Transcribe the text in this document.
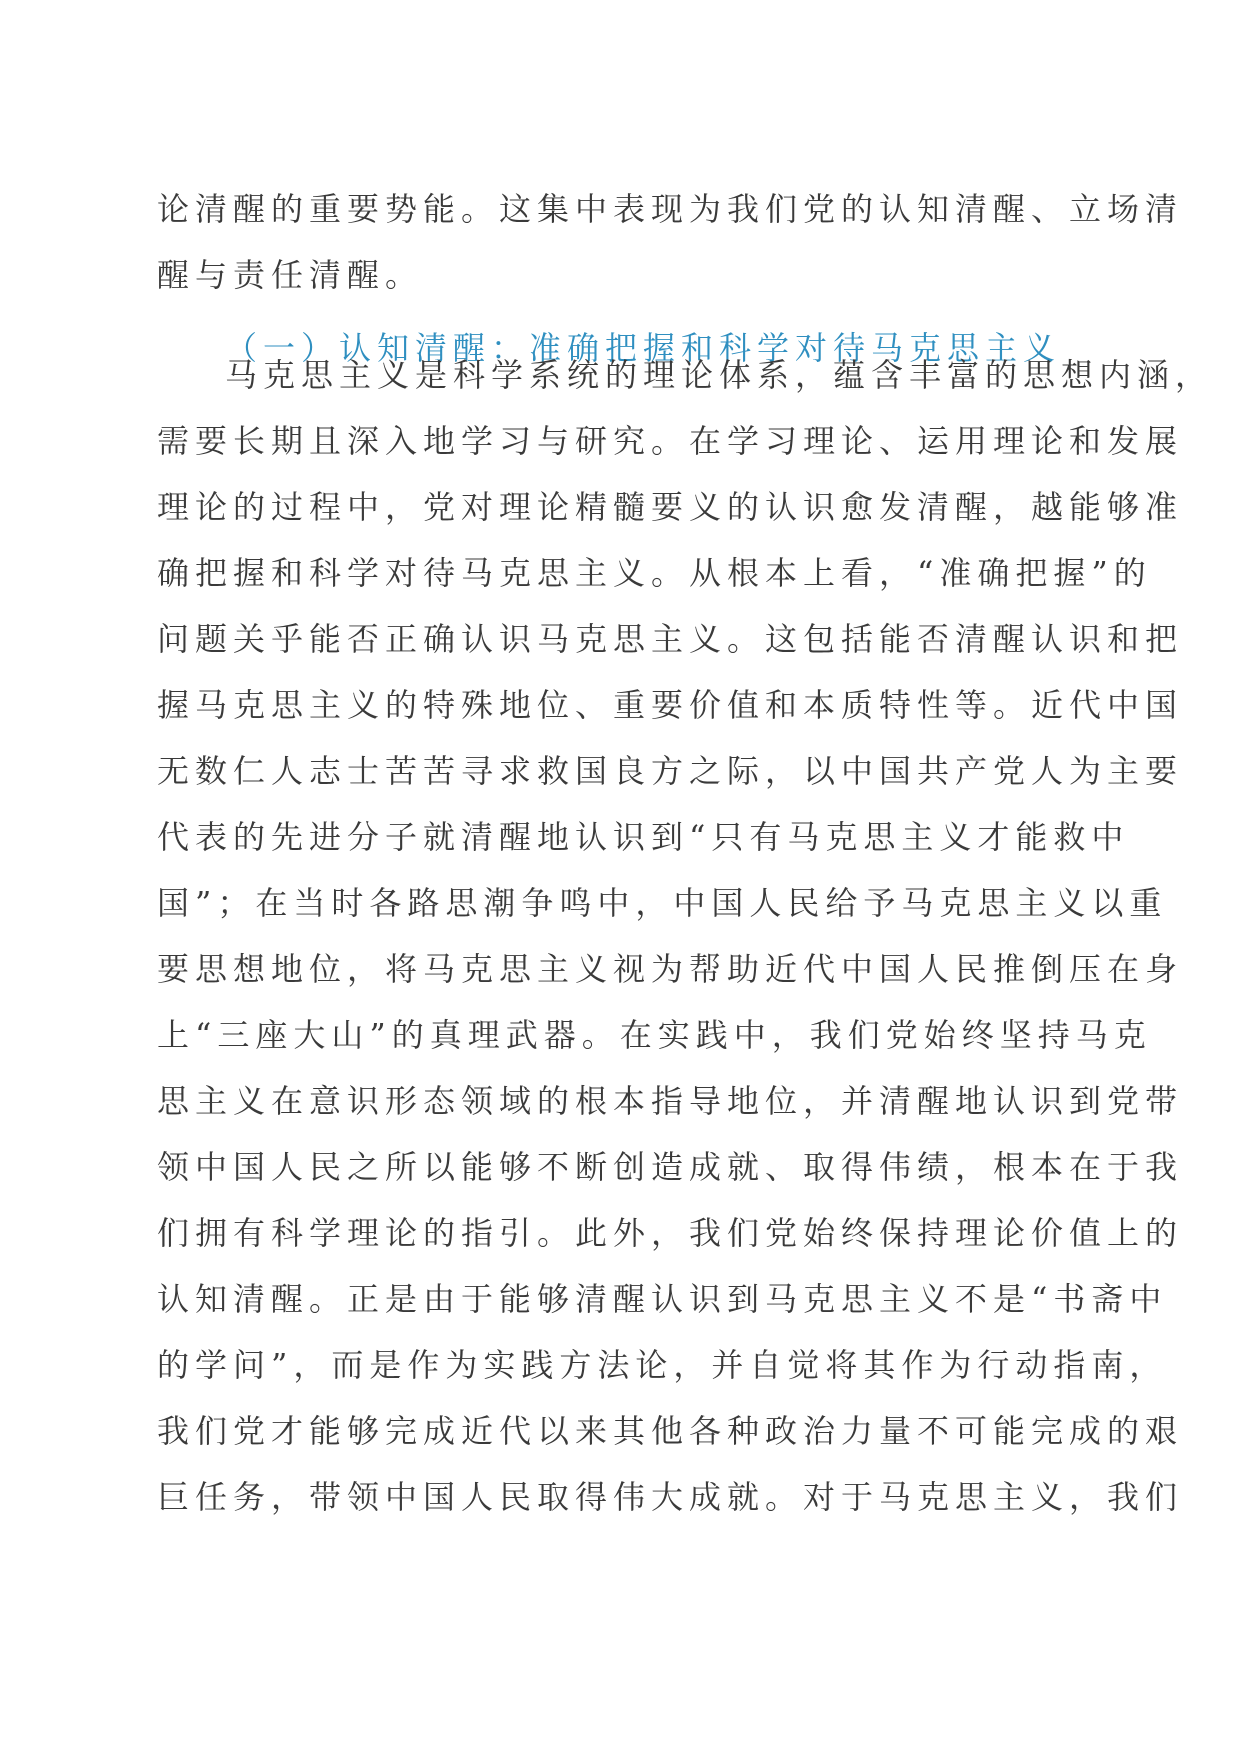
论清醒的重要势能。这集中表现为我们党的认知清醒、立场清
醒与责任清醒。
（一）认知清醒：准确把握和科学对待马克思主义
马克思主义是科学系统的理论体系，蕴含丰富的思想内涵，
需要长期且深入地学习与研究。在学习理论、运用理论和发展
理论的过程中，党对理论精髓要义的认识愈发清醒，越能够准
确把握和科学对待马克思主义。从根本上看，“准确把握”的
问题关乎能否正确认识马克思主义。这包括能否清醒认识和把
握马克思主义的特殊地位、重要价值和本质特性等。近代中国
无数仁人志士苦苦寻求救国良方之际，以中国共产党人为主要
代表的先进分子就清醒地认识到“只有马克思主义才能救中
国”；在当时各路思潮争鸣中，中国人民给予马克思主义以重
要思想地位，将马克思主义视为帮助近代中国人民推倒压在身
上“三座大山”的真理武器。在实践中，我们党始终坚持马克
思主义在意识形态领域的根本指导地位，并清醒地认识到党带
领中国人民之所以能够不断创造成就、取得伟绩，根本在于我
们拥有科学理论的指引。此外，我们党始终保持理论价值上的
认知清醒。正是由于能够清醒认识到马克思主义不是“书斋中
的学问”，而是作为实践方法论，并自觉将其作为行动指南，
我们党才能够完成近代以来其他各种政治力量不可能完成的艰
巨任务，带领中国人民取得伟大成就。对于马克思主义，我们
